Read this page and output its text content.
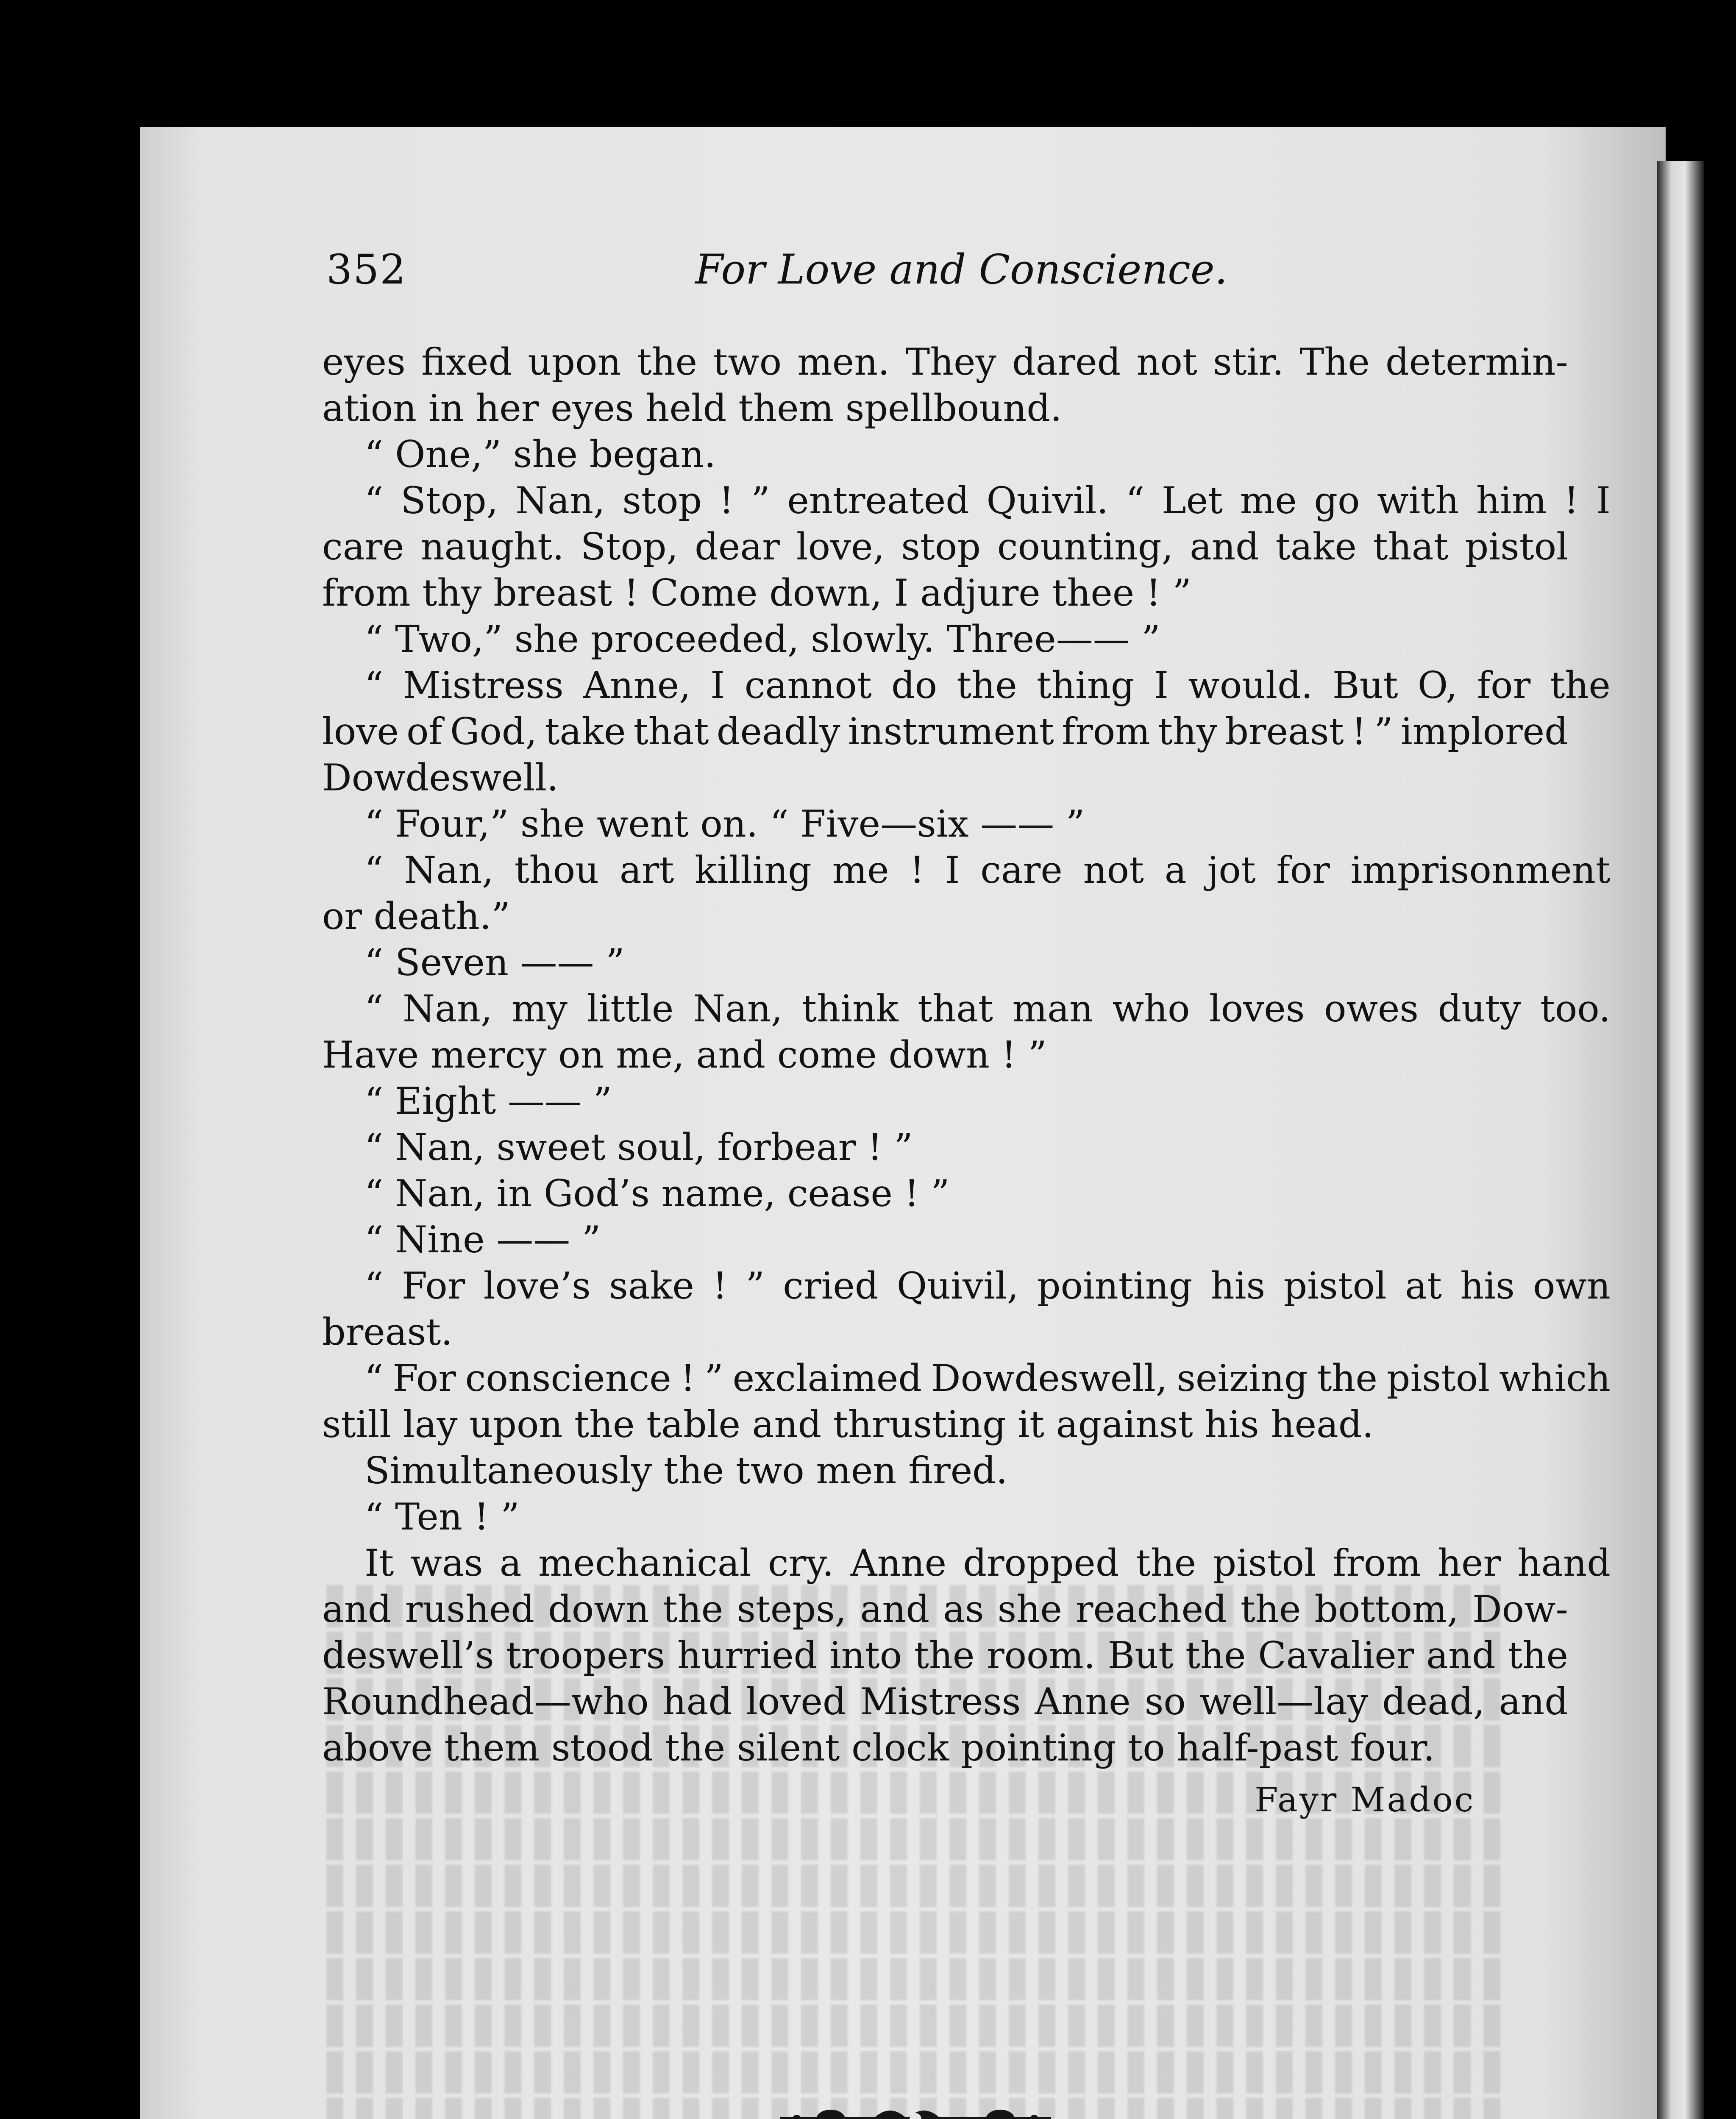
352	For Love and Conscience.
eyes fixed upon the two men. They dared not stir. The determin-
ation in her eyes held them spellbound.
“ One,” she began.
“ Stop, Nan, stop ! ” entreated Quivil. “ Let me go with him ! I
care naught. Stop, dear love, stop counting, and take that pistol
from thy breast ! Come down, I adjure thee ! ”
“ Two,” she proceeded, slowly. Three—— ”
“ Mistress Anne, I cannot do the thing I would. But O, for the
love of God, take that deadly instrument from thy breast ! ” implored
Dowdeswell.
“ Four,” she went on. “ Five—six —— ”
“ Nan, thou art killing me ! I care not a jot for imprisonment
or death.”
“ Seven —— ”
“ Nan, my little Nan, think that man who loves owes duty too.
Have mercy on me, and come down ! ”
“ Eight —— ”
“ Nan, sweet soul, forbear ! ”
“ Nan, in God’s name, cease ! ”
“ Nine —— ”
“ For love’s sake ! ” cried Quivil, pointing his pistol at his own
breast.
“ For conscience ! ” exclaimed Dowdeswell, seizing the pistol which
still lay upon the table and thrusting it against his head.
Simultaneously the two men fired.
“ Ten ! ”
It was a mechanical cry. Anne dropped the pistol from her hand
and rushed down the steps, and as she reached the bottom, Dow-
deswell’s troopers hurried into the room. But the Cavalier and the
Roundhead—who had loved Mistress Anne so well—lay dead, and
above them stood the silent clock pointing to half-past four.
Fayr Madoc
